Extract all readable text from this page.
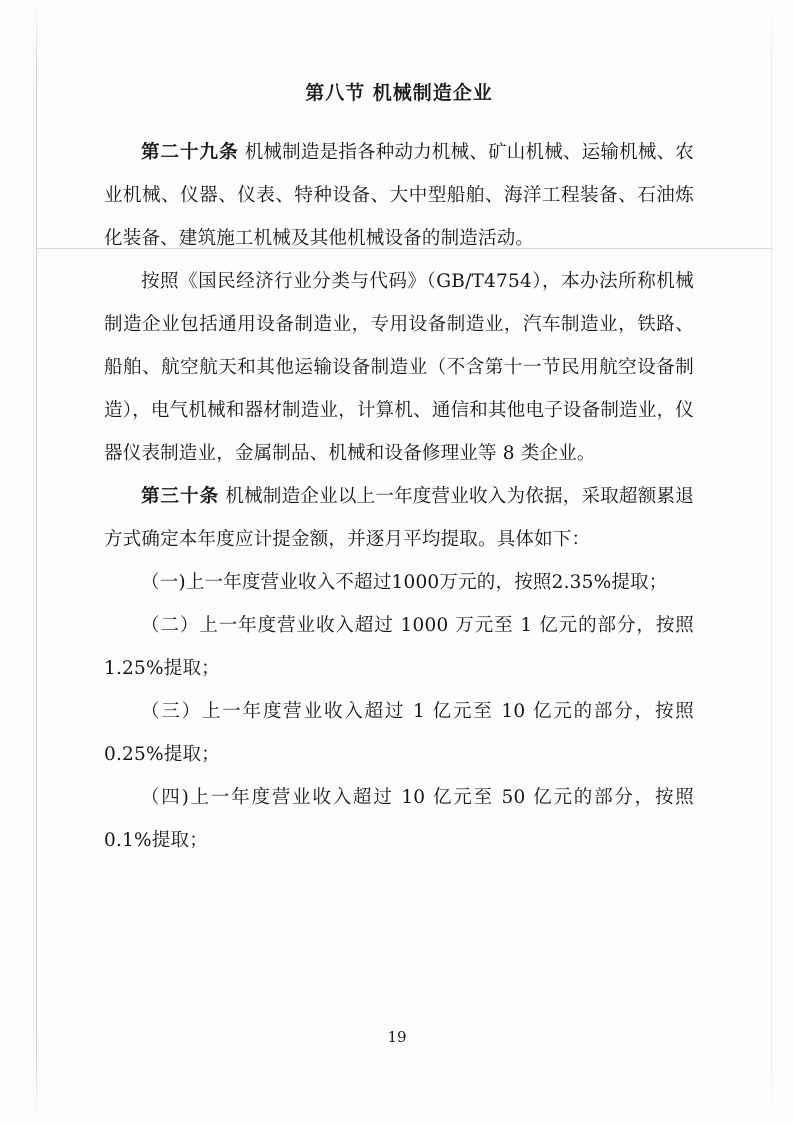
第八节 机械制造企业

第二十九条 机械制造是指各种动力机械、矿山机械、运输机械、农业机械、仪器、仪表、特种设备、大中型船舶、海洋工程装备、石油炼化装备、建筑施工机械及其他机械设备的制造活动。

按照《国民经济行业分类与代码》（GB/T4754），本办法所称机械制造企业包括通用设备制造业，专用设备制造业，汽车制造业，铁路、船舶、航空航天和其他运输设备制造业（不含第十一节民用航空设备制造），电气机械和器材制造业，计算机、通信和其他电子设备制造业，仪器仪表制造业，金属制品、机械和设备修理业等 8 类企业。

第三十条 机械制造企业以上一年度营业收入为依据，采取超额累退方式确定本年度应计提金额，并逐月平均提取。具体如下：

（一)上一年度营业收入不超过1000万元的，按照2.35%提取；

（二）上一年度营业收入超过 1000 万元至 1 亿元的部分，按照 1.25%提取；

（三）上一年度营业收入超过 1 亿元至 10 亿元的部分，按照 0.25%提取；

（四)上一年度营业收入超过 10 亿元至 50 亿元的部分，按照 0.1%提取；

19
